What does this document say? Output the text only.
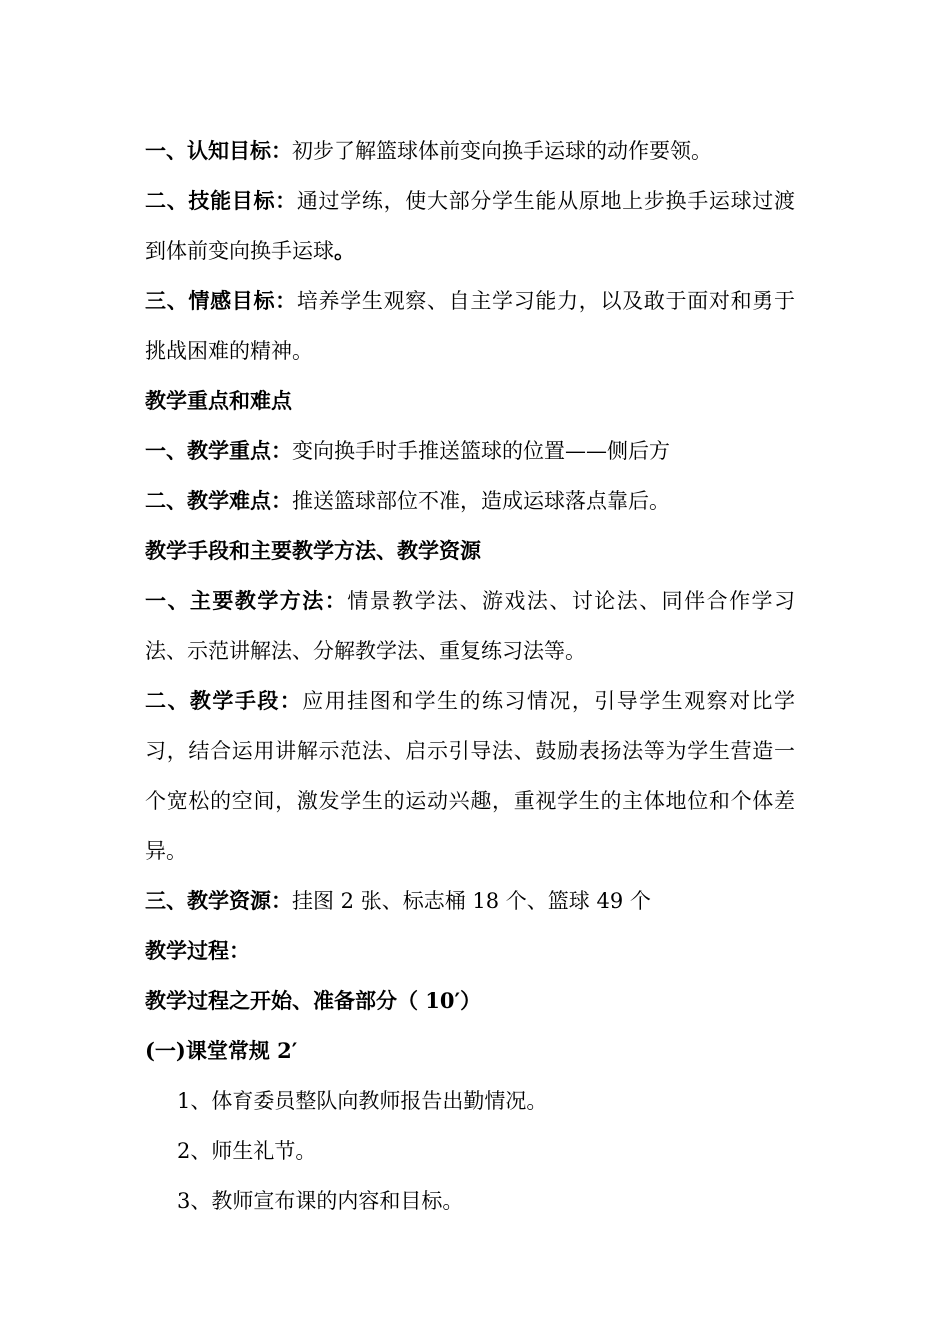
一、认知目标：初步了解篮球体前变向换手运球的动作要领。

二、技能目标：通过学练，使大部分学生能从原地上步换手运球过渡到体前变向换手运球。

三、情感目标：培养学生观察、自主学习能力，以及敢于面对和勇于挑战困难的精神。

教学重点和难点

一、教学重点：变向换手时手推送篮球的位置——侧后方

二、教学难点：推送篮球部位不准，造成运球落点靠后。

教学手段和主要教学方法、教学资源

一、主要教学方法：情景教学法、游戏法、讨论法、同伴合作学习法、示范讲解法、分解教学法、重复练习法等。

二、教学手段：应用挂图和学生的练习情况，引导学生观察对比学习，结合运用讲解示范法、启示引导法、鼓励表扬法等为学生营造一个宽松的空间，激发学生的运动兴趣，重视学生的主体地位和个体差异。

三、教学资源：挂图 2 张、标志桶 18 个、篮球 49 个

教学过程：

教学过程之开始、准备部分（ 10′）

(一)课堂常规 2′

1、体育委员整队向教师报告出勤情况。

2、师生礼节。

3、教师宣布课的内容和目标。
